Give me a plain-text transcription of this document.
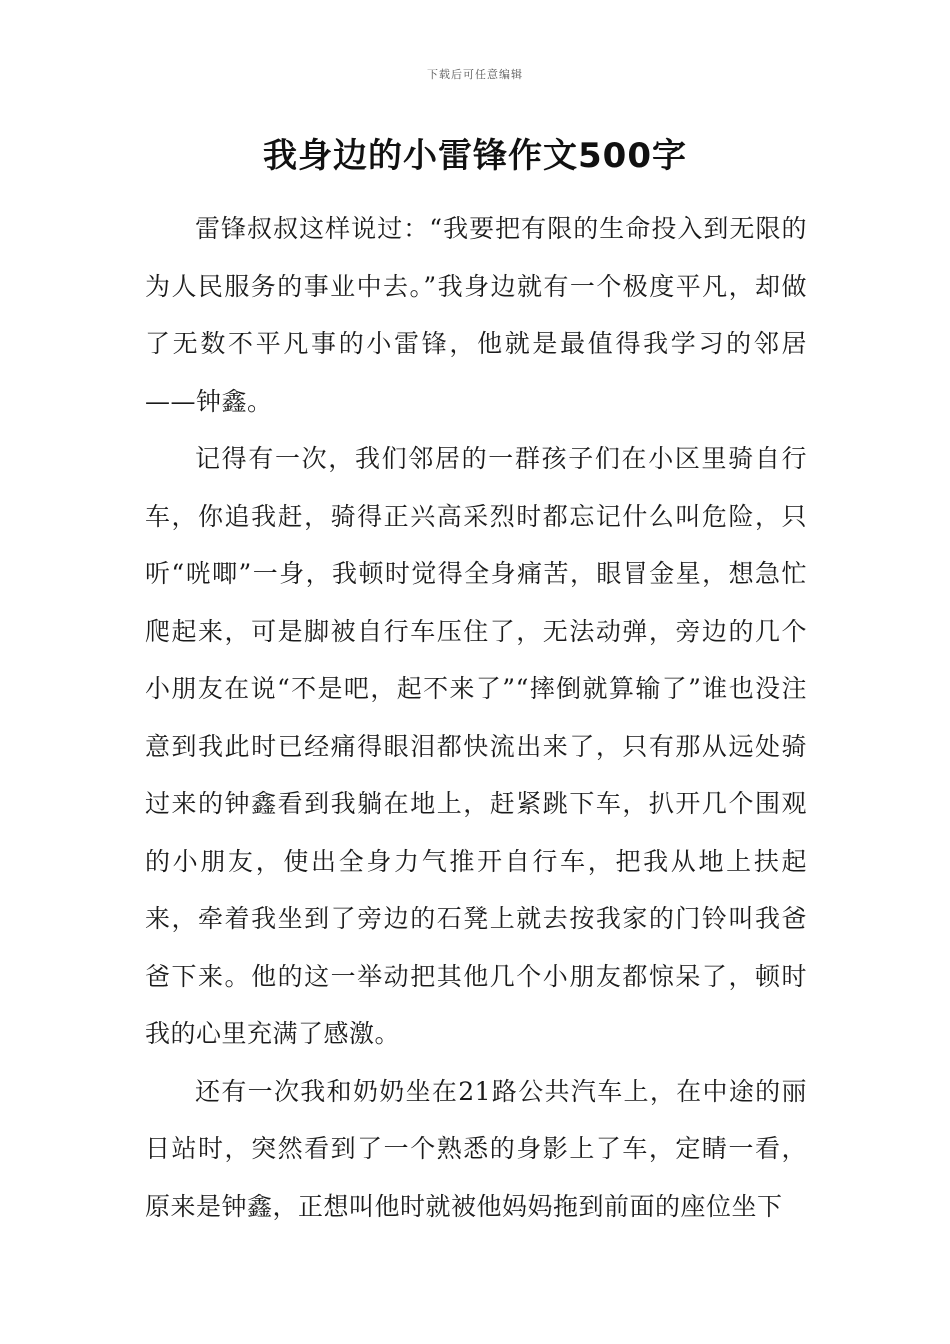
下载后可任意编辑
我身边的小雷锋作文500字

雷锋叔叔这样说过：“我要把有限的生命投入到无限的为人民服务的事业中去。”我身边就有一个极度平凡，却做了无数不平凡事的小雷锋，他就是最值得我学习的邻居——钟鑫。

记得有一次，我们邻居的一群孩子们在小区里骑自行车，你追我赶，骑得正兴高采烈时都忘记什么叫危险，只听“咣唧”一身，我顿时觉得全身痛苦，眼冒金星，想急忙爬起来，可是脚被自行车压住了，无法动弹，旁边的几个小朋友在说“不是吧，起不来了”“摔倒就算输了”谁也没注意到我此时已经痛得眼泪都快流出来了，只有那从远处骑过来的钟鑫看到我躺在地上，赶紧跳下车，扒开几个围观的小朋友，使出全身力气推开自行车，把我从地上扶起来，牵着我坐到了旁边的石凳上就去按我家的门铃叫我爸爸下来。他的这一举动把其他几个小朋友都惊呆了，顿时我的心里充满了感激。

还有一次我和奶奶坐在21路公共汽车上，在中途的丽日站时，突然看到了一个熟悉的身影上了车，定睛一看，原来是钟鑫，正想叫他时就被他妈妈拖到前面的座位坐下
